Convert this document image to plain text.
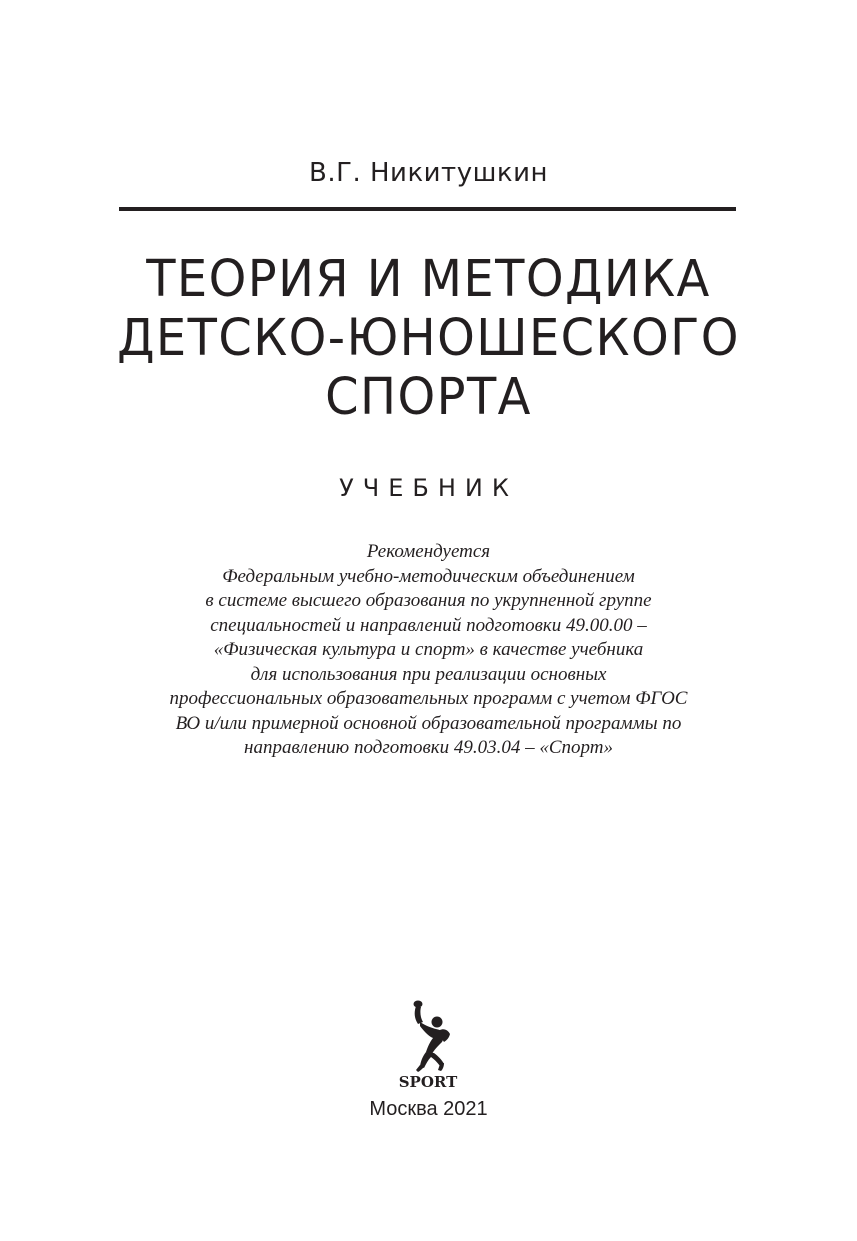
В.Г. Никитушкин
ТЕОРИЯ И МЕТОДИКА
ДЕТСКО-ЮНОШЕСКОГО
СПОРТА
УЧЕБНИК
Рекомендуется
Федеральным учебно-методическим объединением
в системе высшего образования по укрупненной группе
специальностей и направлений подготовки 49.00.00 –
«Физическая культура и спорт» в качестве учебника
для использования при реализации основных
профессиональных образовательных программ с учетом ФГОС
ВО и/или примерной основной образовательной программы по
направлению подготовки 49.03.04 – «Спорт»
SPORT
Москва 2021
